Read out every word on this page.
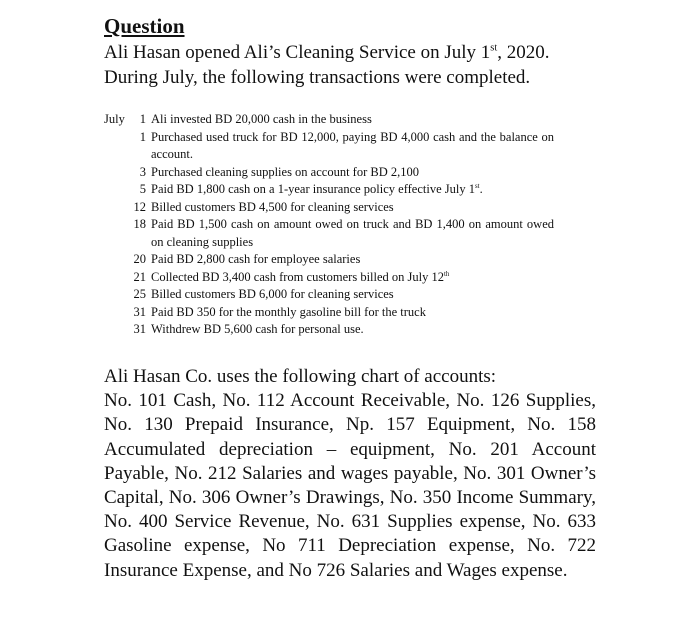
Question

Ali Hasan opened Ali’s Cleaning Service on July 1st, 2020. During July, the following transactions were completed.

July	1 Ali invested BD 20,000 cash in the business
1 Purchased used truck for BD 12,000, paying BD 4,000 cash and the balance on account.
3 Purchased cleaning supplies on account for BD 2,100
5 Paid BD 1,800 cash on a 1-year insurance policy effective July 1st.
12 Billed customers BD 4,500 for cleaning services
18 Paid BD 1,500 cash on amount owed on truck and BD 1,400 on amount owed on cleaning supplies
20 Paid BD 2,800 cash for employee salaries
21 Collected BD 3,400 cash from customers billed on July 12th
25 Billed customers BD 6,000 for cleaning services
31 Paid BD 350 for the monthly gasoline bill for the truck
31 Withdrew BD 5,600 cash for personal use.

Ali Hasan Co. uses the following chart of accounts:
No. 101 Cash, No. 112 Account Receivable, No. 126 Supplies, No. 130 Prepaid Insurance, Np. 157 Equipment, No. 158 Accumulated depreciation – equipment, No. 201 Account Payable, No. 212 Salaries and wages payable, No. 301 Owner’s Capital, No. 306 Owner’s Drawings, No. 350 Income Summary, No. 400 Service Revenue, No. 631 Supplies expense, No. 633 Gasoline expense, No 711 Depreciation expense, No. 722 Insurance Expense, and No 726 Salaries and Wages expense.
